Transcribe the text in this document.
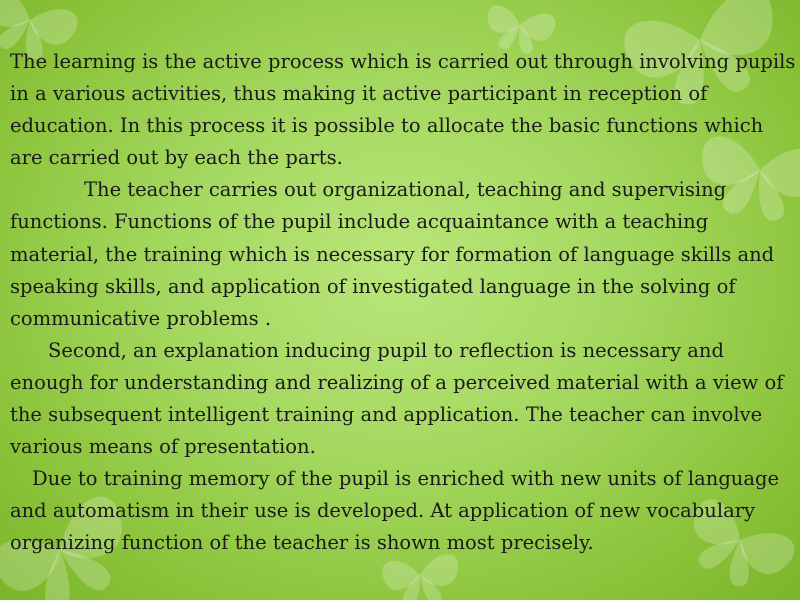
The learning is the active process which is carried out through involving pupils in a various activities, thus making it active participant in reception of education. In this process it is possible to allocate the basic functions which are carried out by each the parts.

The teacher carries out organizational, teaching and supervising functions. Functions of the pupil include acquaintance with a teaching material, the training which is necessary for formation of language skills and speaking skills, and application of investigated language in the solving of communicative problems .

Second, an explanation inducing pupil to reflection is necessary and enough for understanding and realizing of a perceived material with a view of the subsequent intelligent training and application. The teacher can involve various means of presentation.

Due to training memory of the pupil is enriched with new units of language and automatism in their use is developed. At application of new vocabulary organizing function of the teacher is shown most precisely.
